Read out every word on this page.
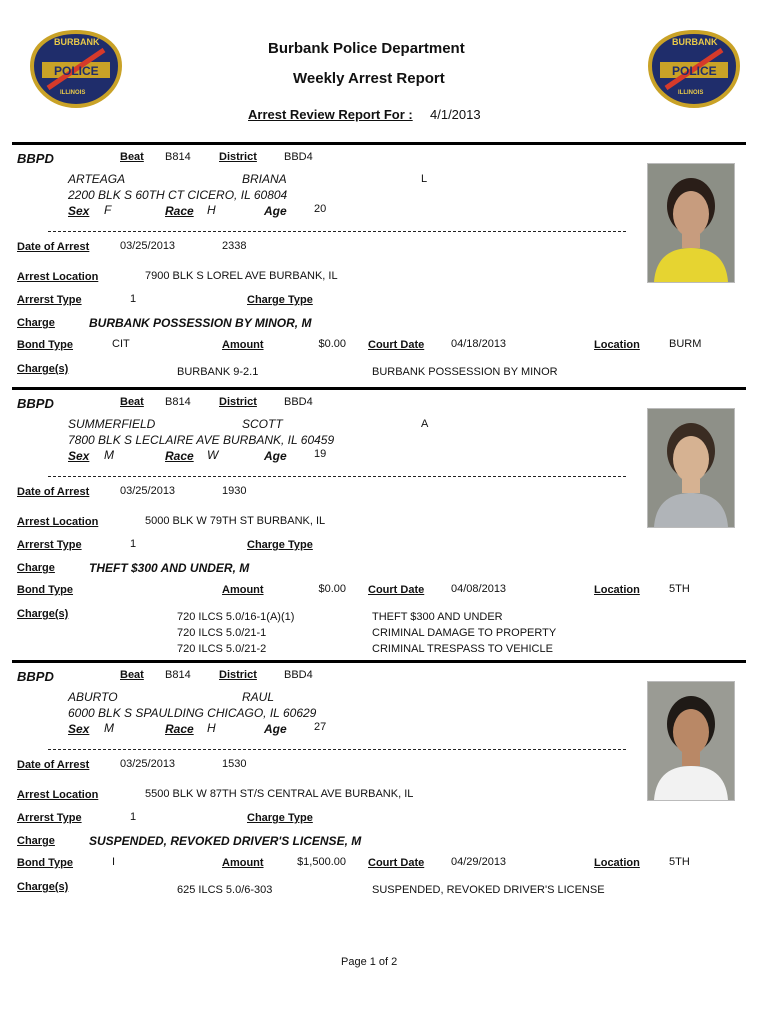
BURBANK
POLICE
ILLINOIS
BURBANK
POLICE
ILLINOIS
Burbank Police Department
Weekly Arrest Report
Arrest Review Report For : 4/1/2013
BBPD	Beat B814	District BBD4
ARTEAGA	BRIANA	L
2200 BLK S 60TH CT CICERO, IL 60804
Sex F	Race H	Age 20
Date of Arrest	03/25/2013	2338
Arrest Location	7900 BLK S LOREL AVE BURBANK, IL
Arrerst Type	1	Charge Type
Charge	BURBANK POSSESSION BY MINOR, M
Bond Type	CIT	Amount	$0.00 Court Date 04/18/2013	Location	BURM
Charge(s)	BURBANK 9-2.1	BURBANK POSSESSION BY MINOR
BBPD	Beat B814	District BBD4
SUMMERFIELD	SCOTT	A
7800 BLK S LECLAIRE AVE BURBANK, IL 60459
Sex M	Race W	Age 19
Date of Arrest	03/25/2013	1930
Arrest Location	5000 BLK W 79TH ST BURBANK, IL
Arrerst Type	1	Charge Type
Charge	THEFT $300 AND UNDER, M
Bond Type	Amount	$0.00 Court Date 04/08/2013	Location	5TH
Charge(s)	720 ILCS 5.0/16-1(A)(1)	THEFT $300 AND UNDER
720 ILCS 5.0/21-1	CRIMINAL DAMAGE TO PROPERTY
720 ILCS 5.0/21-2	CRIMINAL TRESPASS TO VEHICLE
BBPD	Beat B814	District BBD4
ABURTO	RAUL
6000 BLK S SPAULDING CHICAGO, IL 60629
Sex M	Race H	Age 27
Date of Arrest	03/25/2013	1530
Arrest Location	5500 BLK W 87TH ST/S CENTRAL AVE BURBANK, IL
Arrerst Type	1	Charge Type
Charge	SUSPENDED, REVOKED DRIVER'S LICENSE, M
Bond Type	I	Amount	$1,500.00 Court Date 04/29/2013	Location	5TH
Charge(s)	625 ILCS 5.0/6-303	SUSPENDED, REVOKED DRIVER'S LICENSE
Page 1 of 2
